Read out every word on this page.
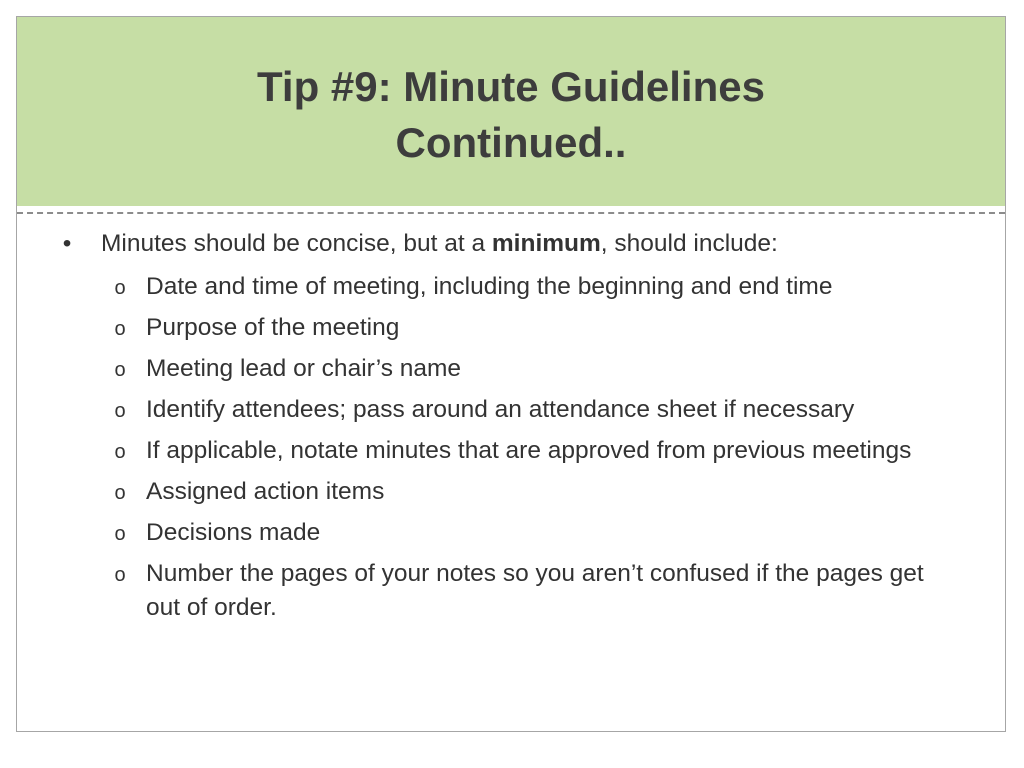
Tip #9: Minute Guidelines
Continued..
• Minutes should be concise, but at a minimum, should include:
o Date and time of meeting, including the beginning and end time
o Purpose of the meeting
o Meeting lead or chair’s name
o Identify attendees; pass around an attendance sheet if necessary
o If applicable, notate minutes that are approved from previous meetings
o Assigned action items
o Decisions made
o Number the pages of your notes so you aren’t confused if the pages get out of order.
